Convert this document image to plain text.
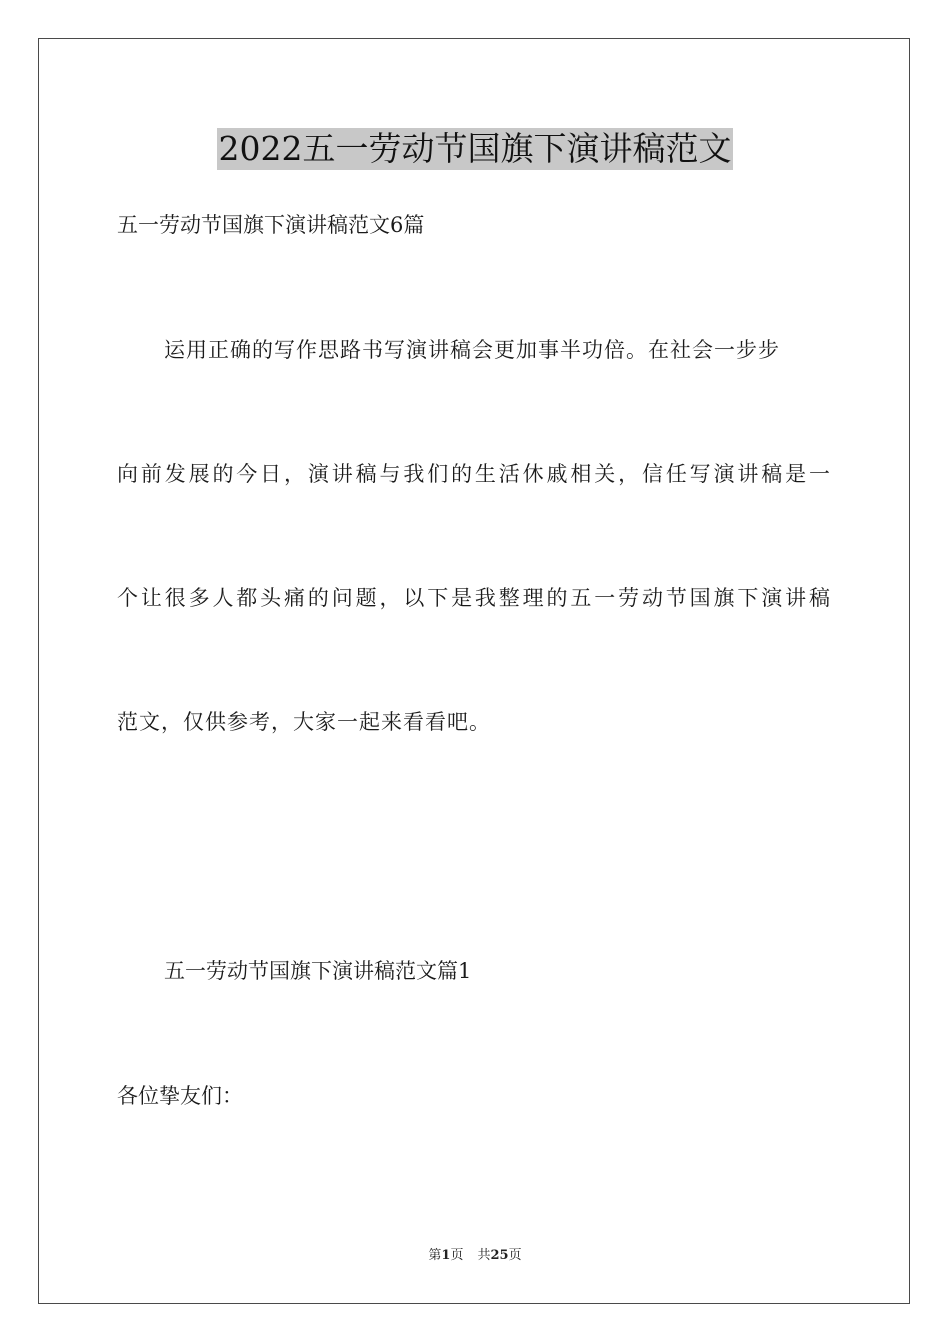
2022五一劳动节国旗下演讲稿范文
五一劳动节国旗下演讲稿范文6篇
运用正确的写作思路书写演讲稿会更加事半功倍。在社会一步步
向前发展的今日，演讲稿与我们的生活休戚相关，信任写演讲稿是一
个让很多人都头痛的问题，以下是我整理的五一劳动节国旗下演讲稿
范文，仅供参考，大家一起来看看吧。
五一劳动节国旗下演讲稿范文篇1
各位挚友们：
第1页 共25页
